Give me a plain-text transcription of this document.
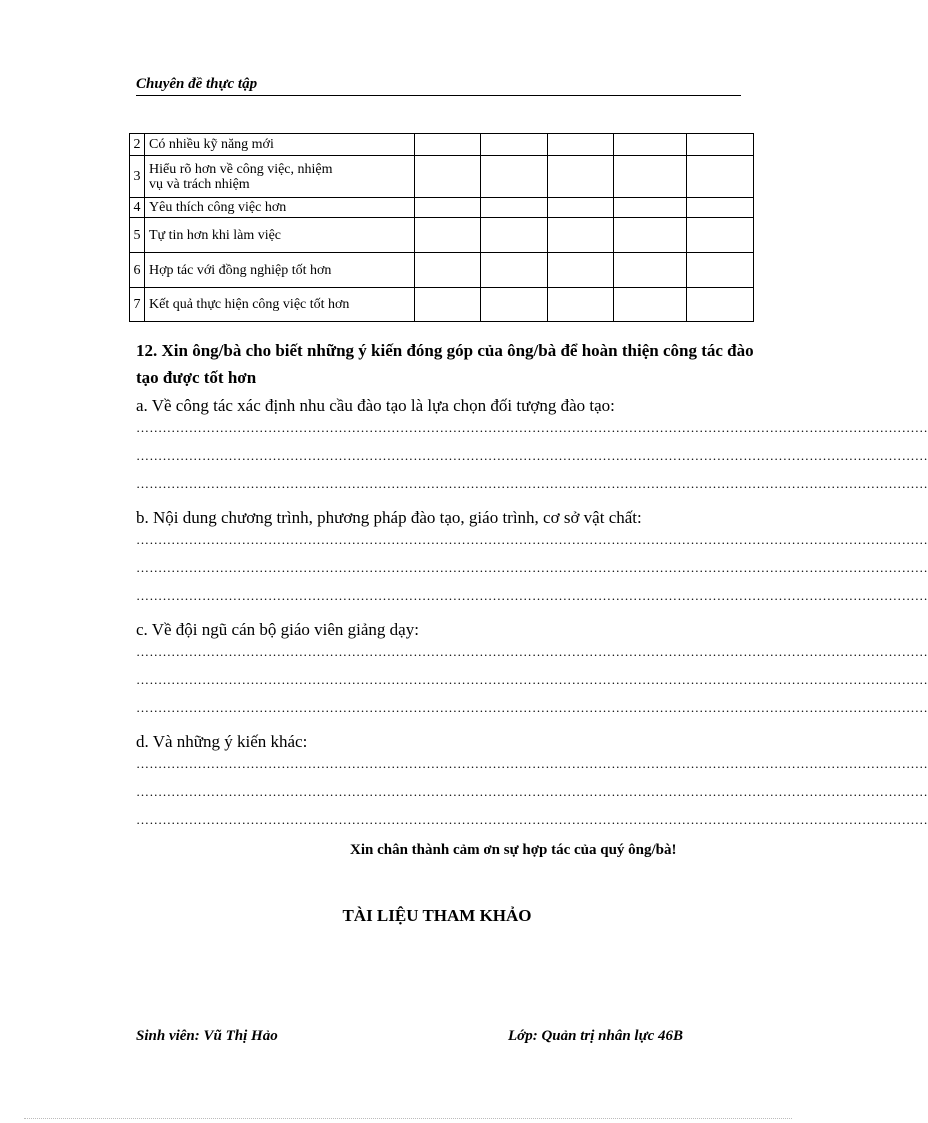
Chuyên đề thực tập
2	Có nhiều kỹ năng mới					
3	Hiểu rõ hơn về công việc, nhiệm
vụ và trách nhiệm					

4	Yêu thích công việc hơn					
5	Tự tin hơn khi làm việc					
6	Hợp tác với đồng nghiệp tốt hơn					
7	Kết quả thực hiện công việc tốt hơn					
12. Xin ông/bà cho biết những ý kiến đóng góp của ông/bà để hoàn thiện công tác đào tạo được tốt hơn
a. Về công tác xác định nhu cầu đào tạo là lựa chọn đối tượng đào tạo:
………………………………………………………………………………………………………………………………………………………………
………………………………………………………………………………………………………………………………………………………………
………………………………………………………………………………………………………………………………………………………………
b. Nội dung chương trình, phương pháp đào tạo, giáo trình, cơ sở vật chất:
………………………………………………………………………………………………………………………………………………………………
………………………………………………………………………………………………………………………………………………………………
………………………………………………………………………………………………………………………………………………………………
c. Về đội ngũ cán bộ giáo viên giảng dạy:
………………………………………………………………………………………………………………………………………………………………
………………………………………………………………………………………………………………………………………………………………
………………………………………………………………………………………………………………………………………………………………
d. Và những ý kiến khác:
………………………………………………………………………………………………………………………………………………………………
………………………………………………………………………………………………………………………………………………………………
………………………………………………………………………………………………………………………………………………………………
Xin chân thành cảm ơn sự hợp tác của quý ông/bà!
TÀI LIỆU THAM KHẢO
Sinh viên: Vũ Thị Hảo	Lớp: Quản trị nhân lực 46B
